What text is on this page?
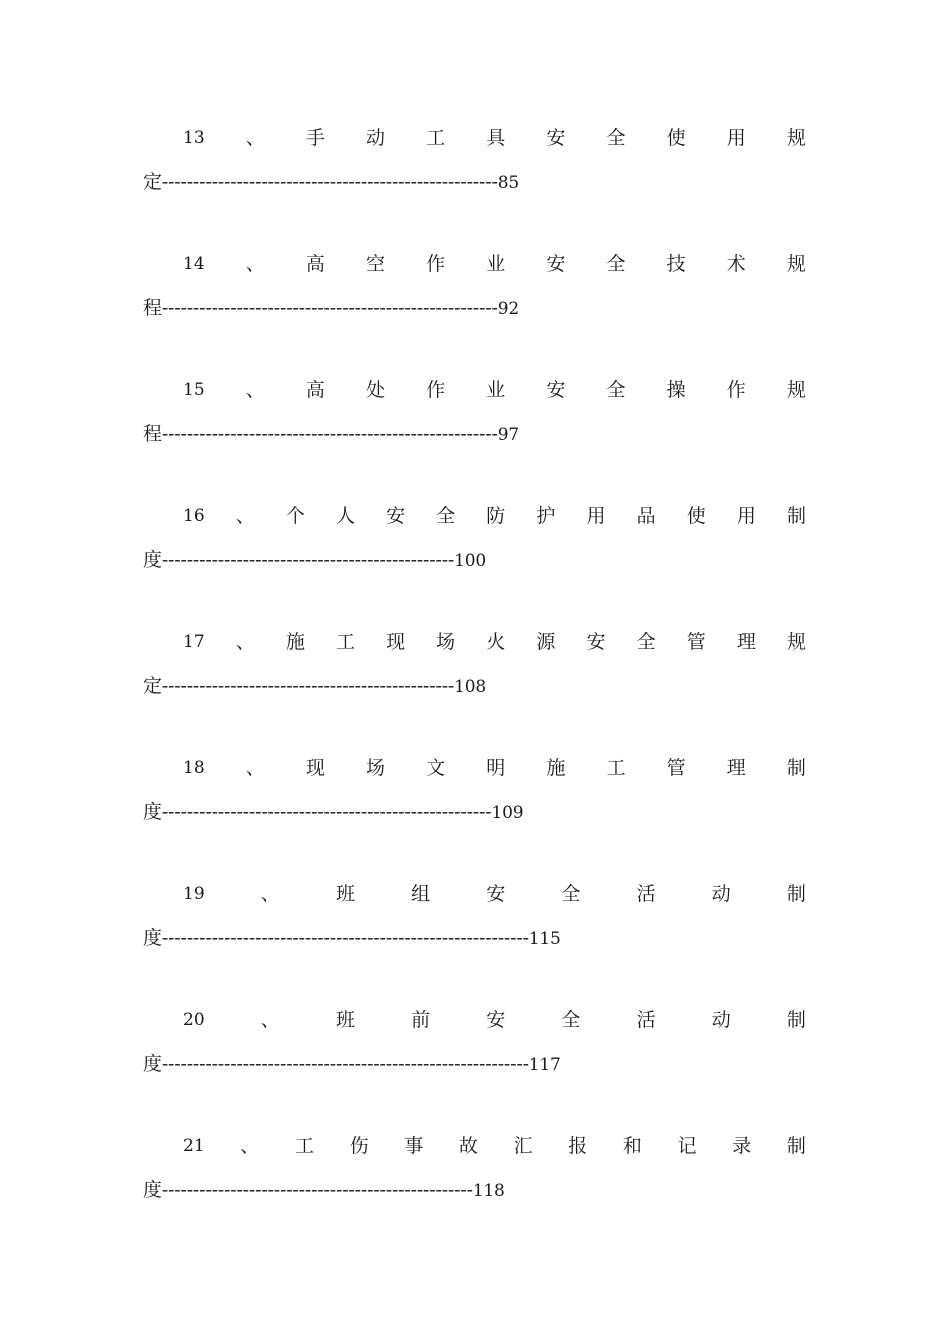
13 、 手 动 工 具 安 全 使 用 规
定------------------------------------------------------85
14 、 高 空 作 业 安 全 技 术 规
程------------------------------------------------------92
15 、 高 处 作 业 安 全 操 作 规
程------------------------------------------------------97
16 、 个 人 安 全 防 护 用 品 使 用 制
度-----------------------------------------------100
17 、 施 工 现 场 火 源 安 全 管 理 规
定-----------------------------------------------108
18 、 现 场 文 明 施 工 管 理 制
度-----------------------------------------------------109
19	、	班	组	安	全	活	动	制
度-----------------------------------------------------------115
20	、	班	前	安	全	活	动	制
度-----------------------------------------------------------117
21 、 工 伤 事 故 汇 报 和 记 录 制
度--------------------------------------------------118
